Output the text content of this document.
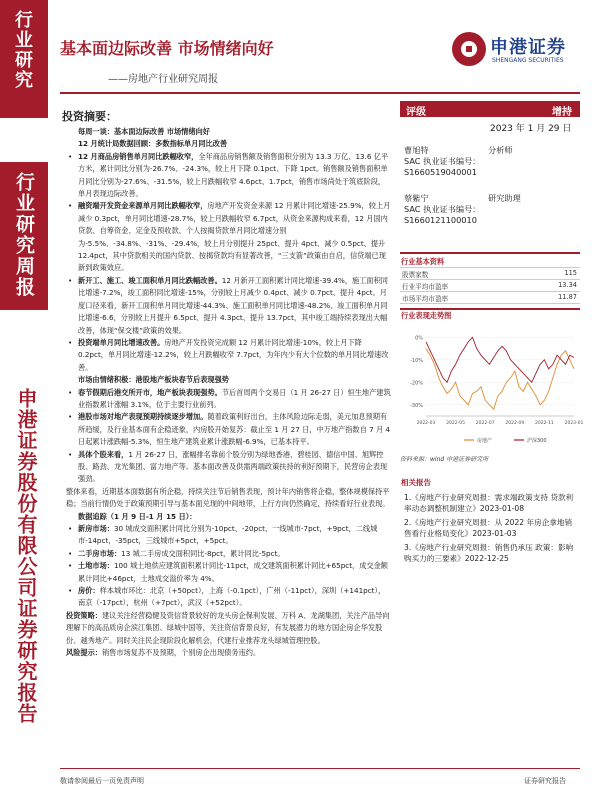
行业研究
行业研究周报
申港证券股份有限公司证券研究报告
基本面边际改善 市场情绪向好
——房地产行业研究周报
申港证券
SHENGANG SECURITIES
投资摘要：

每周一谈：基本面边际改善 市场情绪向好

12 月统计局数据回顾：多数指标单月同比改善

• 12 月商品房销售单月同比跌幅收窄，全年商品房销售额及销售面积分别为 13.3 万亿、13.6 亿平方米，累计同比分别为-26.7%、-24.3%，较上月下降 0.1pct、下降 1pct。销售额及销售面积单月同比分别为-27.6%、-31.5%，较上月跌幅收窄 4.6pct、1.7pct，销售市场尚处于筑底阶段，单月表现边际改善。

• 融资端开发资金来源单月同比跌幅收窄，房地产开发资金来源 12 月累计同比增速-25.9%，较上月减少 0.3pct，单月同比增速-28.7%，较上月跌幅收窄 6.7pct，从资金来源构成来看，12 月国内贷款、自筹资金、定金及预收款、个人按揭贷款单月同比增速分别为-5.5%、-34.8%、-31%、-29.4%，较上月分别提升 25pct、提升 4pct、减少 0.5pct、提升 12.4pct，其中贷款相关的国内贷款、按揭贷款均有显著改善，“三支箭”政策由自启，信贷端已现新到政策效应。

• 新开工、施工、竣工面积单月同比跌幅改善。12 月新开工面积累计同比增速-39.4%，施工面积同比增速-7.2%，竣工面积同比增速-15%，分别较上月减少 0.4pct、减少 0.7pct、提升 4pct。月度口径来看，新开工面积单月同比增速-44.3%、施工面积单月同比增速-48.2%、竣工面积单月同比增速-6.6，分别较上月提升 6.5pct、提升 4.3pct、提升 13.7pct，其中竣工端持续表现出大幅改善，体现“保交楼”政策的效果。

• 投资端单月同比增速改善。房地产开发投资完成额 12 月累计同比增速-10%，较上月下降 0.2pct，单月同比增速-12.2%，较上月跌幅收窄 7.7pct，为年内少有大个位数的单月同比增速改善。

市场由情绪积极：港股地产板块春节后表现强势

• 春节假期后港交所开市，地产板块表现强势。节后首周两个交易日（1 月 26-27 日）恒生地产建筑业指数累计涨幅 3.1%，位于主要行业前列。

• 港股市场对地产表现预期持续逐步增加。随着政策利好出台，主体风险边际走弱，美元加息预期有所趋缓，及行业基本面有企稳迹象，内房股开始复苏：截止至 1 月 27 日，中万地产指数自 7 月 4 日起累计涨跌幅-5.3%，恒生地产建筑业累计涨跌幅-6.9%，已基本持平。

• 具体个股来看，1 月 26-27 日，涨幅排名靠前个股分别为绿地香港、碧桂园、德信中国、旭辉控股、路劲、龙光集团、富力地产等。基本面改善及供需两端政策扶持的利好预期下，民营房企表现强劲。

整体来看，近期基本面数据有所企稳，持续关注节后销售表现，预计年内销售将企稳，整体规模保持平稳；当前行情仍处于政策预期引导与基本面兑现的中间地带，上行方向仍然确定，持续看好行业表现。

数据追踪（1 月 9 日-1 月 15 日）：

• 新房市场：30 城成交面积累计同比分别为-10pct、-20pct、一线城市-7pct，+9pct，二线城市-14pct，-35pct，三线城市+5pct，+5pct。

• 二手房市场：13 城二手房成交面积同比-8pct，累计同比-5pct。

• 土地市场：100 城土地供应建筑面积累计同比-11pct，成交建筑面积累计同比+65pct，成交金额累计同比+46pct，土地成交溢价率为 4%。

• 房价：样本城市环比：北京（+50pct），上海（-0.1pct），广州（-11pct），深圳（+141pct），南京（-17pct），杭州（+7pct），武汉（+52pct）。

投资策略：建议关注经营稳健及资信背景较好的龙头房企保利发展、万科 A、龙湖集团，关注产品导向理解下的高品质房企滨江集团、绿城中国等，关注资信背景良好，有发展潜力的地方国企房企华发股份、越秀地产。同时关注民企现阶段化解机会，代建行业推荐龙头绿城管理控股。

风险提示：销售市场复苏不及预期，个别房企出现债务违约。

评级	增持
2023 年 1 月 29 日
曹旭特	分析师
SAC 执业证书编号：
S1660519040001
蔡紫宁	研究助理
SAC 执业证书编号：
S1660121100010
行业基本资料
股票家数	115
行业平均市盈率	13.34
市场平均市盈率	11.87
行业表现走势图
0%
-10%
-20%
-30%
2022-03 2022-05 2022-07 2022-09 2022-11 2023-01
房地产	沪深300
资料来源：wind 申港证券研究所
相关报告

1.《房地产行业研究周报：需求端政策支持 贷款利率动态调整机制建立》2023-01-08

2.《房地产行业研究周报：从 2022 年房企拿地销售看行业格局变化》2023-01-03

3.《房地产行业研究周报：销售仍承压 政策：影响购买力的三要素》2022-12-25

敬请参阅最后一页免责声明	证券研究报告
